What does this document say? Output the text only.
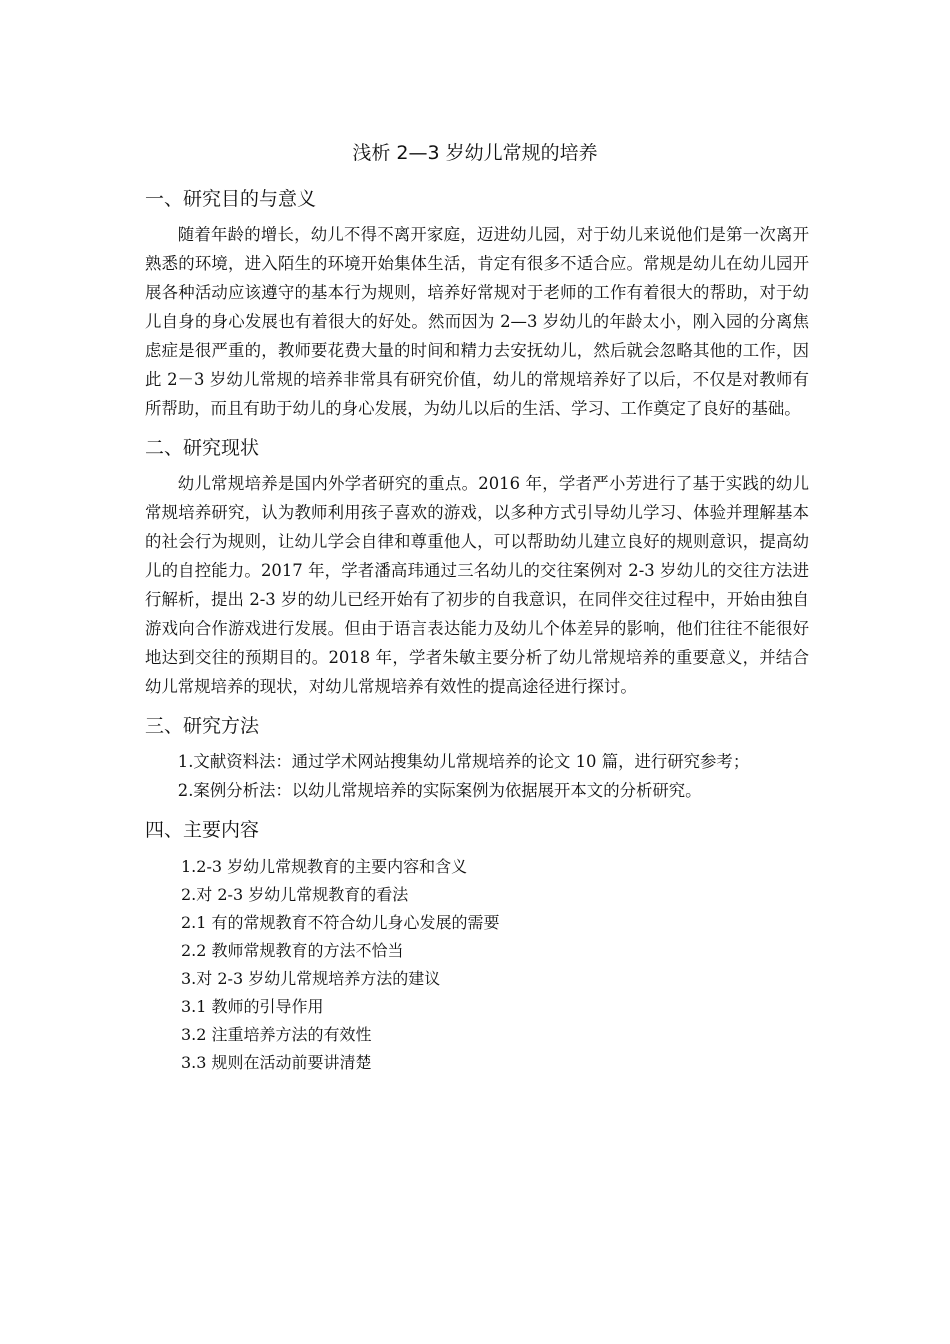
浅析 2—3 岁幼儿常规的培养
一、研究目的与意义

随着年龄的增长，幼儿不得不离开家庭，迈进幼儿园，对于幼儿来说他们是第一次离开熟悉的环境，进入陌生的环境开始集体生活，肯定有很多不适合应。常规是幼儿在幼儿园开展各种活动应该遵守的基本行为规则，培养好常规对于老师的工作有着很大的帮助，对于幼儿自身的身心发展也有着很大的好处。然而因为 2—3 岁幼儿的年龄太小，刚入园的分离焦虑症是很严重的，教师要花费大量的时间和精力去安抚幼儿，然后就会忽略其他的工作，因此 2－3 岁幼儿常规的培养非常具有研究价值，幼儿的常规培养好了以后，不仅是对教师有所帮助，而且有助于幼儿的身心发展，为幼儿以后的生活、学习、工作奠定了良好的基础。

二、研究现状

幼儿常规培养是国内外学者研究的重点。2016 年，学者严小芳进行了基于实践的幼儿常规培养研究，认为教师利用孩子喜欢的游戏，以多种方式引导幼儿学习、体验并理解基本的社会行为规则，让幼儿学会自律和尊重他人，可以帮助幼儿建立良好的规则意识，提高幼儿的自控能力。2017 年，学者潘高玮通过三名幼儿的交往案例对 2-3 岁幼儿的交往方法进行解析，提出 2-3 岁的幼儿已经开始有了初步的自我意识，在同伴交往过程中，开始由独自游戏向合作游戏进行发展。但由于语言表达能力及幼儿个体差异的影响，他们往往不能很好地达到交往的预期目的。2018 年，学者朱敏主要分析了幼儿常规培养的重要意义，并结合幼儿常规培养的现状，对幼儿常规培养有效性的提高途径进行探讨。

三、研究方法

1.文献资料法：通过学术网站搜集幼儿常规培养的论文 10 篇，进行研究参考；

2.案例分析法：以幼儿常规培养的实际案例为依据展开本文的分析研究。

四、主要内容
1.2-3 岁幼儿常规教育的主要内容和含义
2.对 2-3 岁幼儿常规教育的看法
2.1 有的常规教育不符合幼儿身心发展的需要
2.2 教师常规教育的方法不恰当
3.对 2-3 岁幼儿常规培养方法的建议
3.1 教师的引导作用
3.2 注重培养方法的有效性
3.3 规则在活动前要讲清楚
